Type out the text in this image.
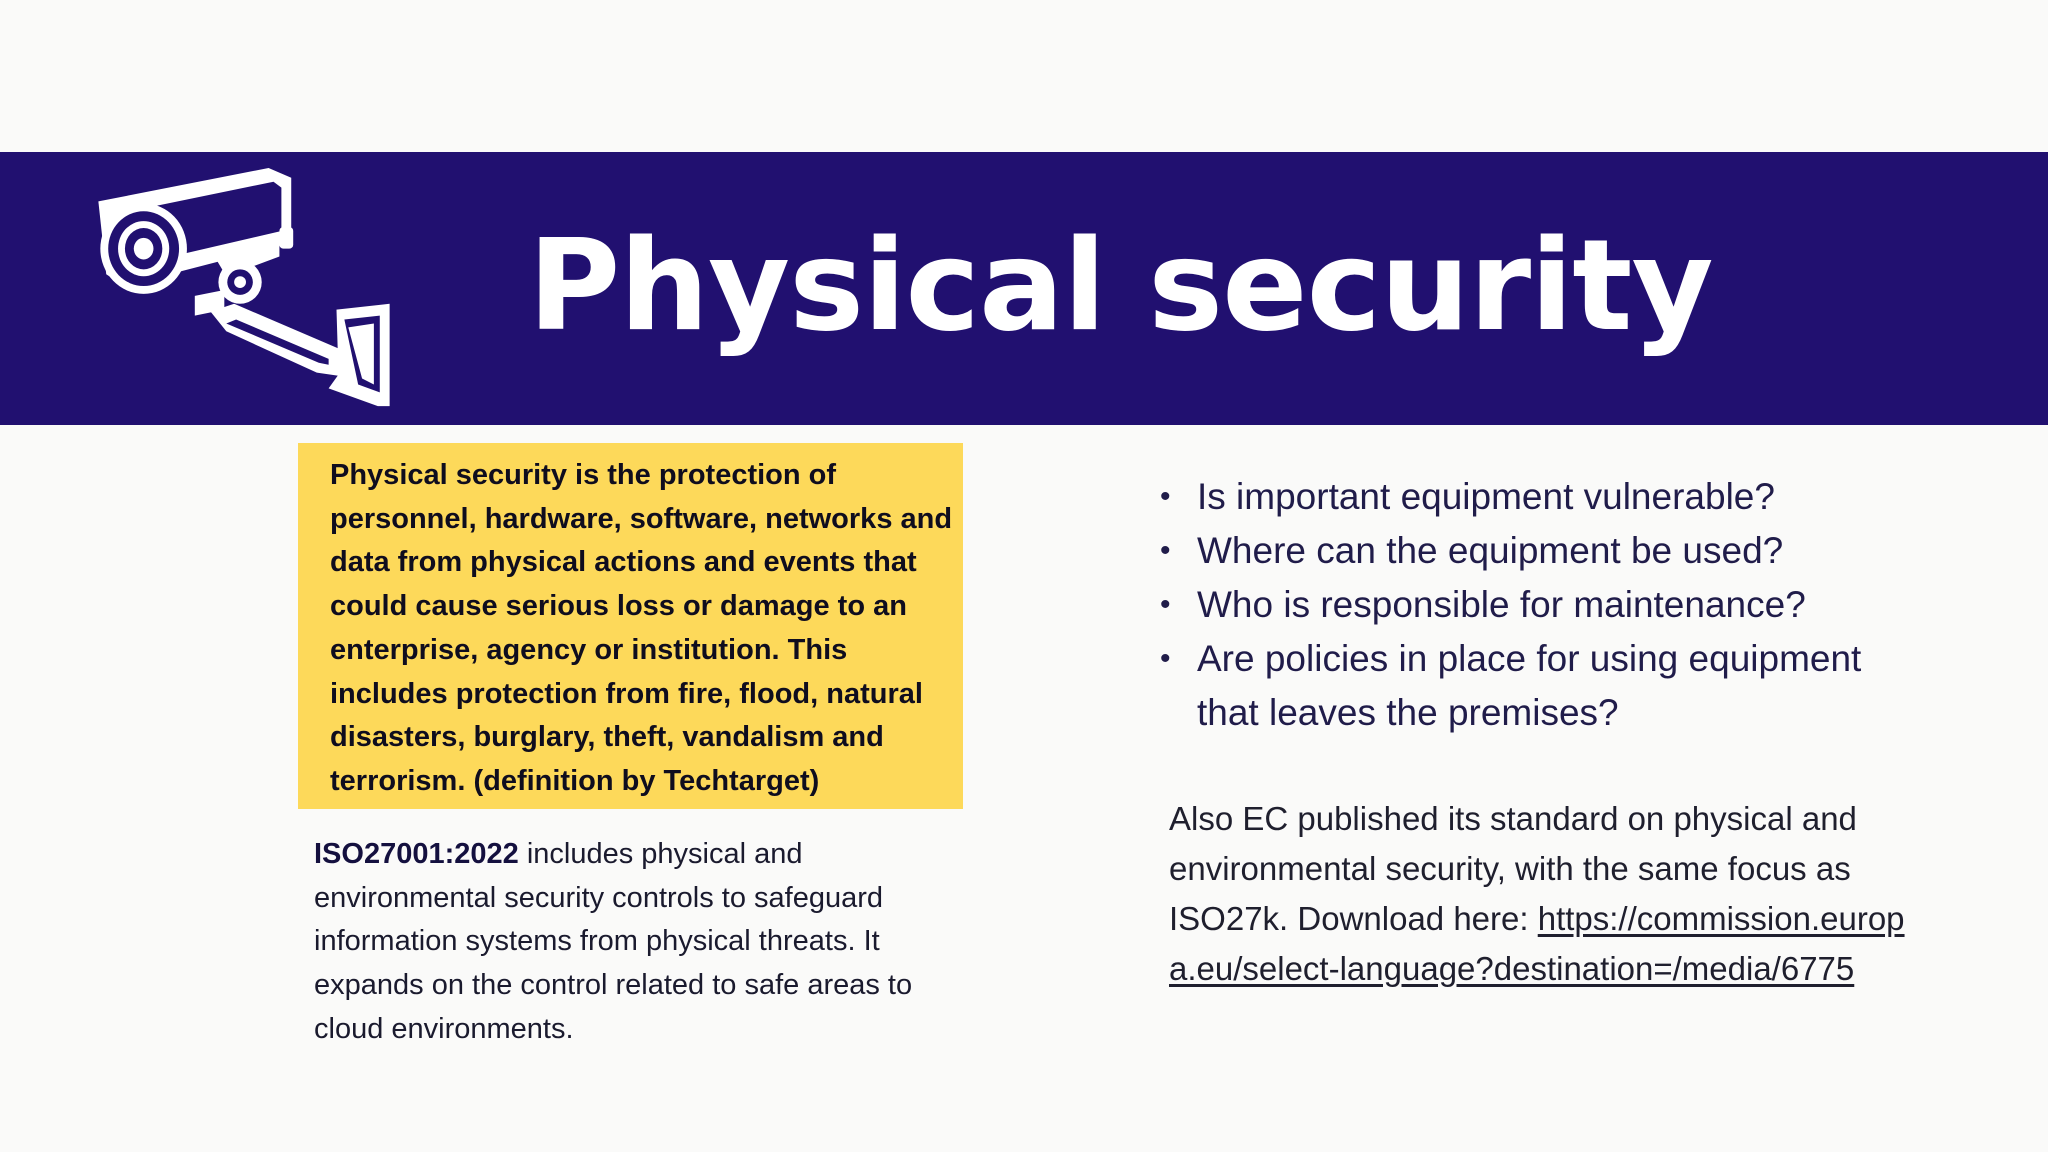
Physical security

Physical security is the protection of personnel, hardware, software, networks and data from physical actions and events that could cause serious loss or damage to an enterprise, agency or institution. This includes protection from fire, flood, natural disasters, burglary, theft, vandalism and terrorism. (definition by Techtarget)

ISO27001:2022 includes physical and environmental security controls to safeguard information systems from physical threats. It expands on the control related to safe areas to cloud environments.

• Is important equipment vulnerable?
• Where can the equipment be used?
• Who is responsible for maintenance?
• Are policies in place for using equipment that leaves the premises?

Also EC published its standard on physical and environmental security, with the same focus as ISO27k. Download here: https://commission.europa.eu/select-language?destination=/media/6775
